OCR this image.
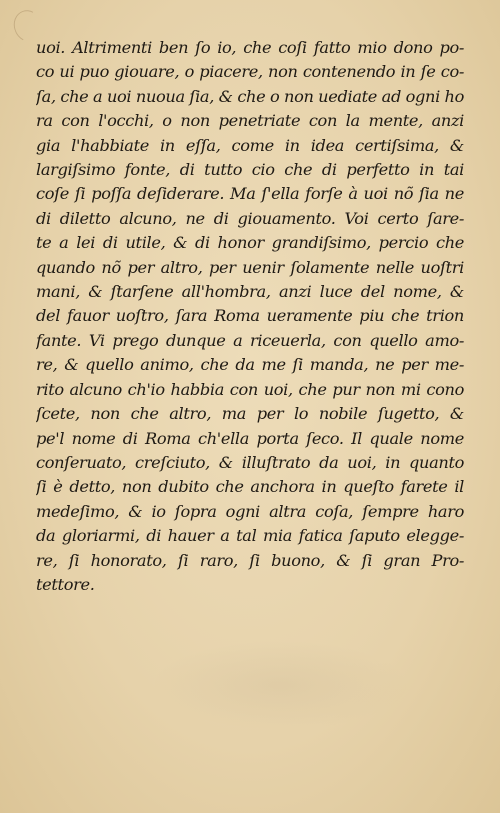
uoi. Altrimenti ben ſo io, che coſi fatto mio dono po-
co ui puo giouare, o piacere, non contenendo in ſe co-
ſa, che a uoi nuoua ſia, & che o non uediate ad ogni ho
ra con l'occhi, o non penetriate con la mente, anzi
gia l'habbiate in eſſa, come in idea certiſsima, &
largiſsimo fonte, di tutto cio che di perfetto in tai
coſe ſi poſſa deſiderare. Ma ſ'ella forſe à uoi nõ ſia ne
di diletto alcuno, ne di giouamento. Voi certo ſare-
te a lei di utile, & di honor grandiſsimo, percio che
quando nõ per altro, per uenir ſolamente nelle uoſtri
mani, & ſtarſene all'hombra, anzi luce del nome, &
del fauor uoſtro, ſara Roma ueramente piu che trion
fante. Vi prego dunque a riceuerla, con quello amo-
re, & quello animo, che da me ſi manda, ne per me-
rito alcuno ch'io habbia con uoi, che pur non mi cono
ſcete, non che altro, ma per lo nobile ſugetto, &
pe'l nome di Roma ch'ella porta ſeco. Il quale nome
conſeruato, creſciuto, & illuſtrato da uoi, in quanto
ſi è detto, non dubito che anchora in queſto farete il
medeſimo, & io ſopra ogni altra coſa, ſempre haro
da gloriarmi, di hauer a tal mia fatica ſaputo elegge-
re, ſi honorato, ſi raro, ſi buono, & ſi gran Pro-
tettore.
